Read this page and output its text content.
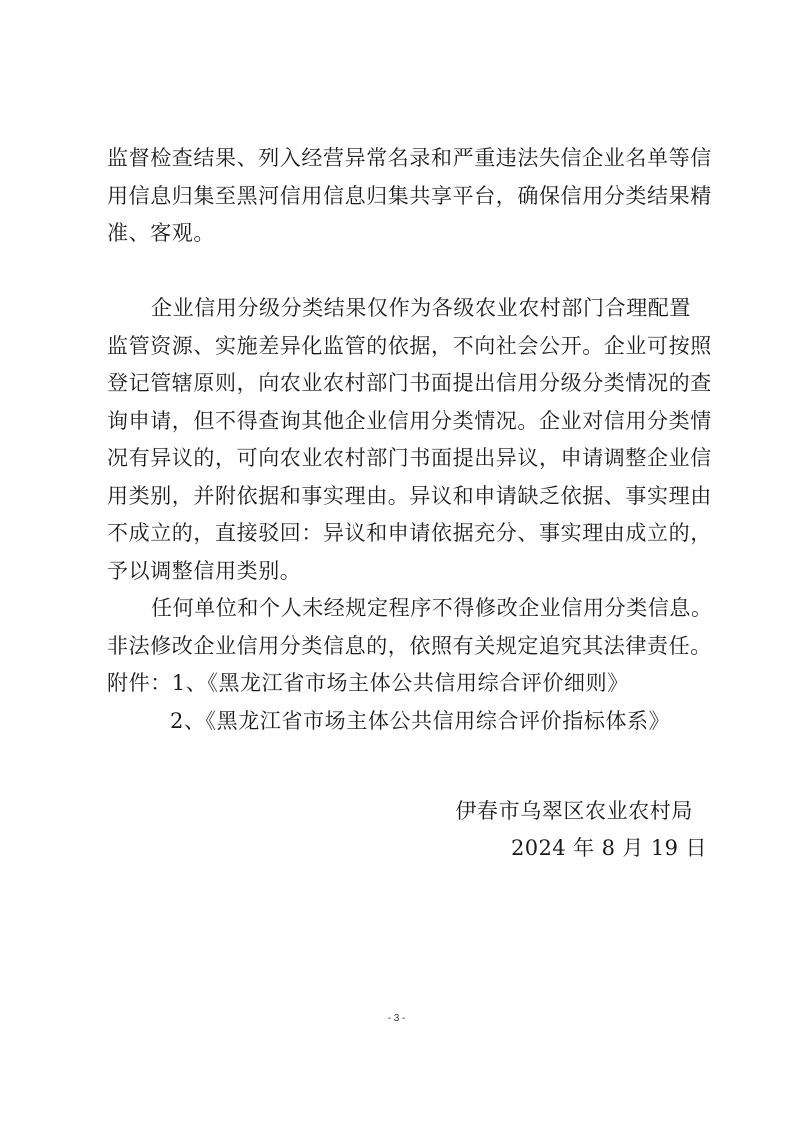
监督检查结果、列入经营异常名录和严重违法失信企业名单等信
用信息归集至黑河信用信息归集共享平台，确保信用分类结果精
准、客观。
企业信用分级分类结果仅作为各级农业农村部门合理配置
监管资源、实施差异化监管的依据，不向社会公开。企业可按照
登记管辖原则，向农业农村部门书面提出信用分级分类情况的查
询申请，但不得查询其他企业信用分类情况。企业对信用分类情
况有异议的，可向农业农村部门书面提出异议，申请调整企业信
用类别，并附依据和事实理由。异议和申请缺乏依据、事实理由
不成立的，直接驳回：异议和申请依据充分、事实理由成立的，
予以调整信用类别。
任何单位和个人未经规定程序不得修改企业信用分类信息。
非法修改企业信用分类信息的，依照有关规定追究其法律责任。
附件：1、《黑龙江省市场主体公共信用综合评价细则》
2、《黑龙江省市场主体公共信用综合评价指标体系》
伊春市乌翠区农业农村局
2024 年 8 月 19 日
- 3 -
